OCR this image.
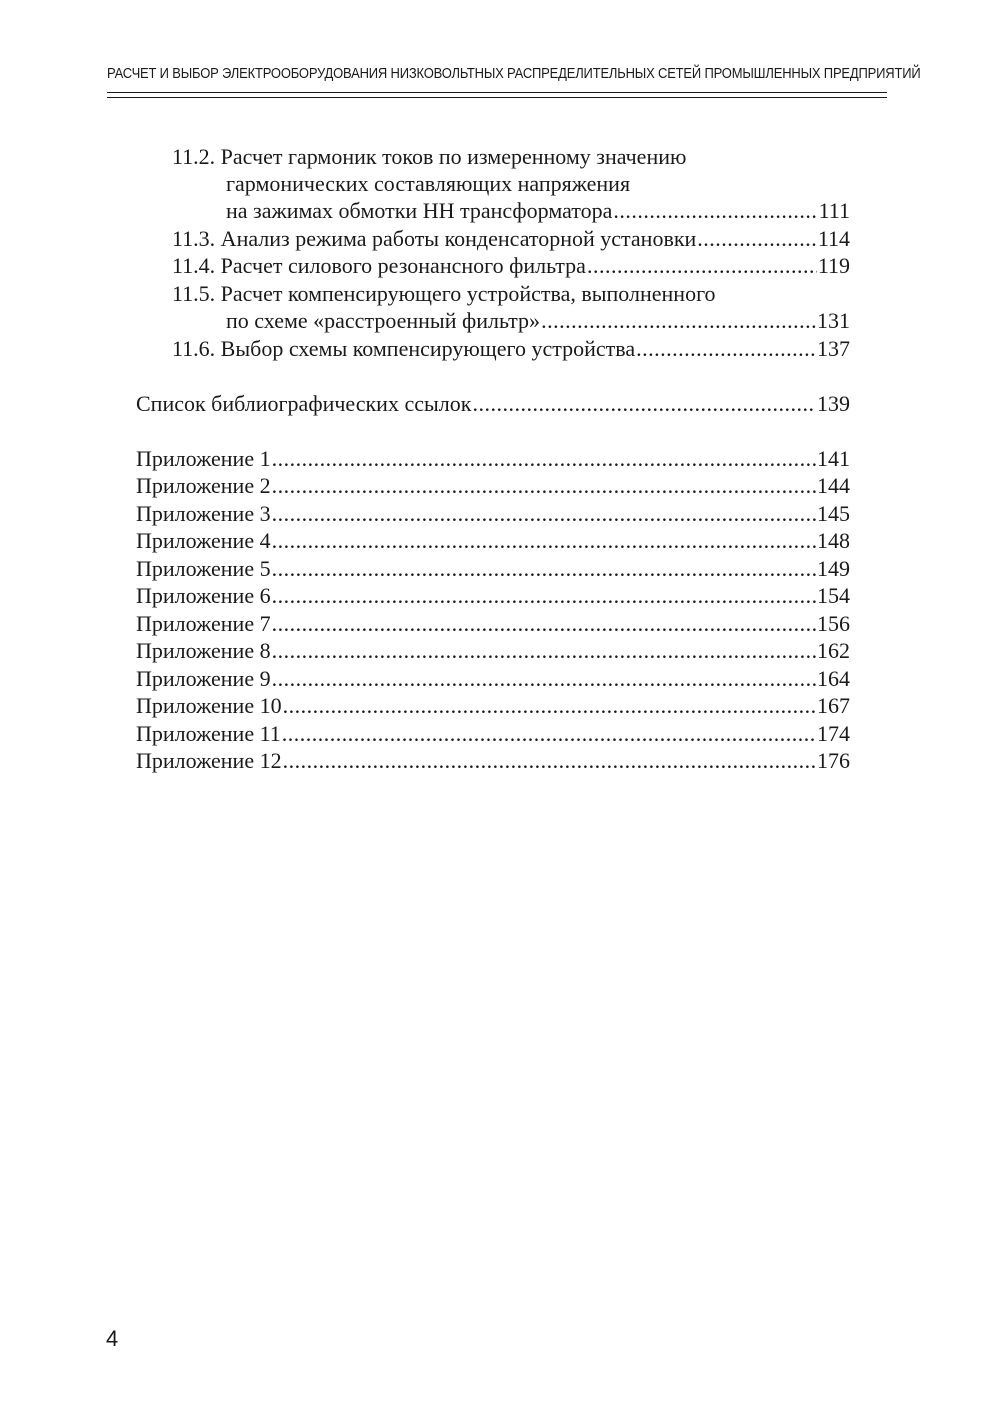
РАСЧЕТ И ВЫБОР ЭЛЕКТРООБОРУДОВАНИЯ НИЗКОВОЛЬТНЫХ РАСПРЕДЕЛИТЕЛЬНЫХ СЕТЕЙ ПРОМЫШЛЕННЫХ ПРЕДПРИЯТИЙ
11.2. Расчет гармоник токов по измеренному значению
гармонических составляющих напряжения
на зажимах обмотки НН трансформатора .....	111
11.3. Анализ режима работы конденсаторной установки .....	114
11.4. Расчет силового резонансного фильтра .....	119
11.5. Расчет компенсирующего устройства, выполненного
по схеме «расстроенный фильтр» .....	131
11.6. Выбор схемы компенсирующего устройства .....	137
Список библиографических ссылок .....	139
Приложение 1 .....	141
Приложение 2 .....	144
Приложение 3 .....	145
Приложение 4 .....	148
Приложение 5 .....	149
Приложение 6 .....	154
Приложение 7 .....	156
Приложение 8 .....	162
Приложение 9 .....	164
Приложение 10 .....	167
Приложение 11 .....	174
Приложение 12 .....	176
4
